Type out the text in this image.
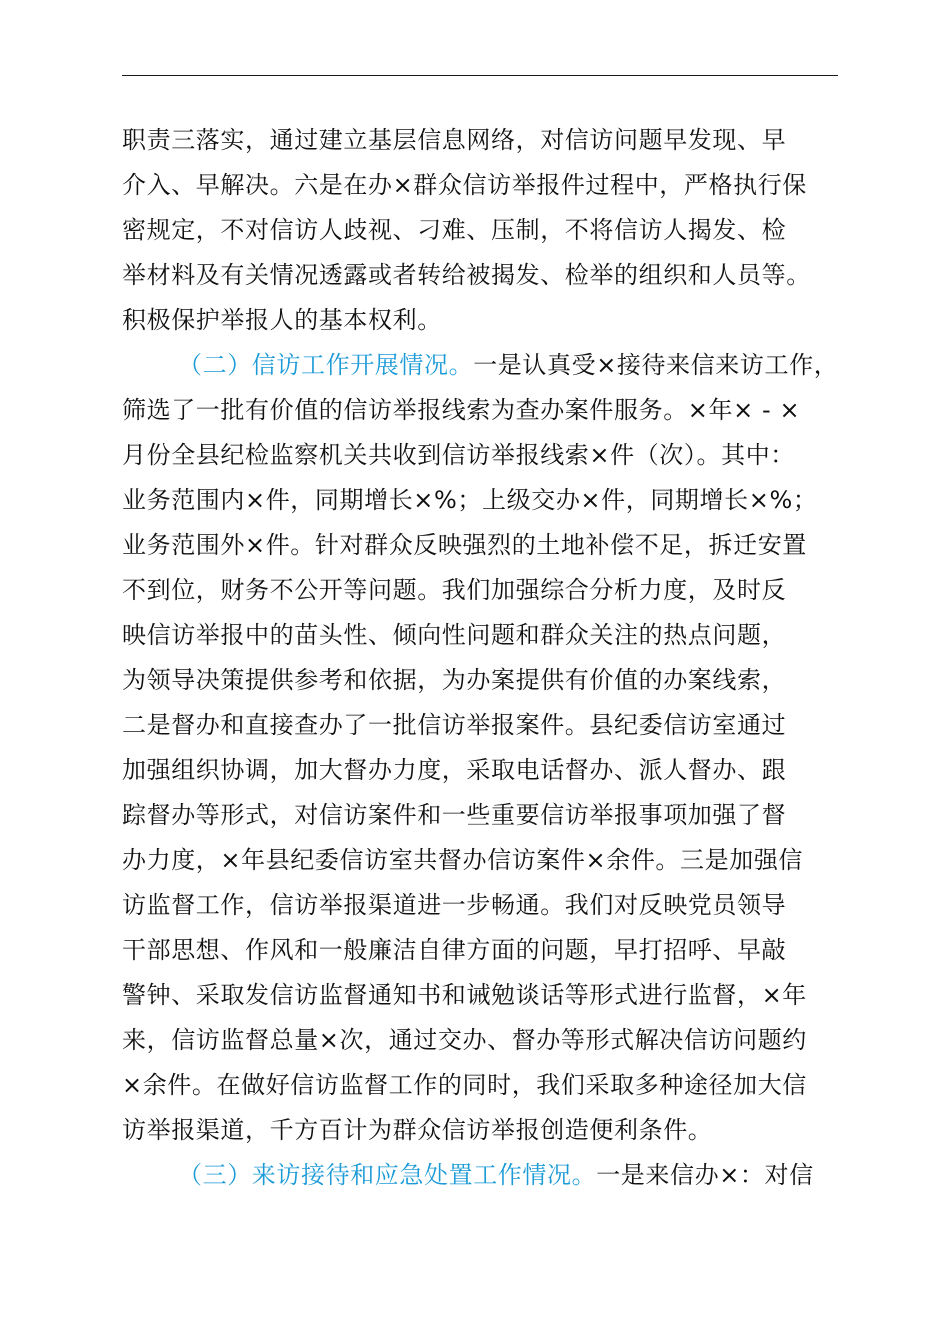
职责三落实，通过建立基层信息网络，对信访问题早发现、早
介入、早解决。六是在办×群众信访举报件过程中，严格执行保
密规定，不对信访人歧视、刁难、压制，不将信访人揭发、检
举材料及有关情况透露或者转给被揭发、检举的组织和人员等。
积极保护举报人的基本权利。
（二）信访工作开展情况。一是认真受×接待来信来访工作，
筛选了一批有价值的信访举报线索为查办案件服务。×年× - ×
月份全县纪检监察机关共收到信访举报线索×件（次）。其中：
业务范围内×件，同期增长×%；上级交办×件，同期增长×%；
业务范围外×件。针对群众反映强烈的土地补偿不足，拆迁安置
不到位，财务不公开等问题。我们加强综合分析力度，及时反
映信访举报中的苗头性、倾向性问题和群众关注的热点问题，
为领导决策提供参考和依据，为办案提供有价值的办案线索，
二是督办和直接查办了一批信访举报案件。县纪委信访室通过
加强组织协调，加大督办力度，采取电话督办、派人督办、跟
踪督办等形式，对信访案件和一些重要信访举报事项加强了督
办力度，×年县纪委信访室共督办信访案件×余件。三是加强信
访监督工作，信访举报渠道进一步畅通。我们对反映党员领导
干部思想、作风和一般廉洁自律方面的问题，早打招呼、早敲
警钟、采取发信访监督通知书和诫勉谈话等形式进行监督，×年
来，信访监督总量×次，通过交办、督办等形式解决信访问题约
×余件。在做好信访监督工作的同时，我们采取多种途径加大信
访举报渠道，千方百计为群众信访举报创造便利条件。
（三）来访接待和应急处置工作情况。一是来信办×：对信
